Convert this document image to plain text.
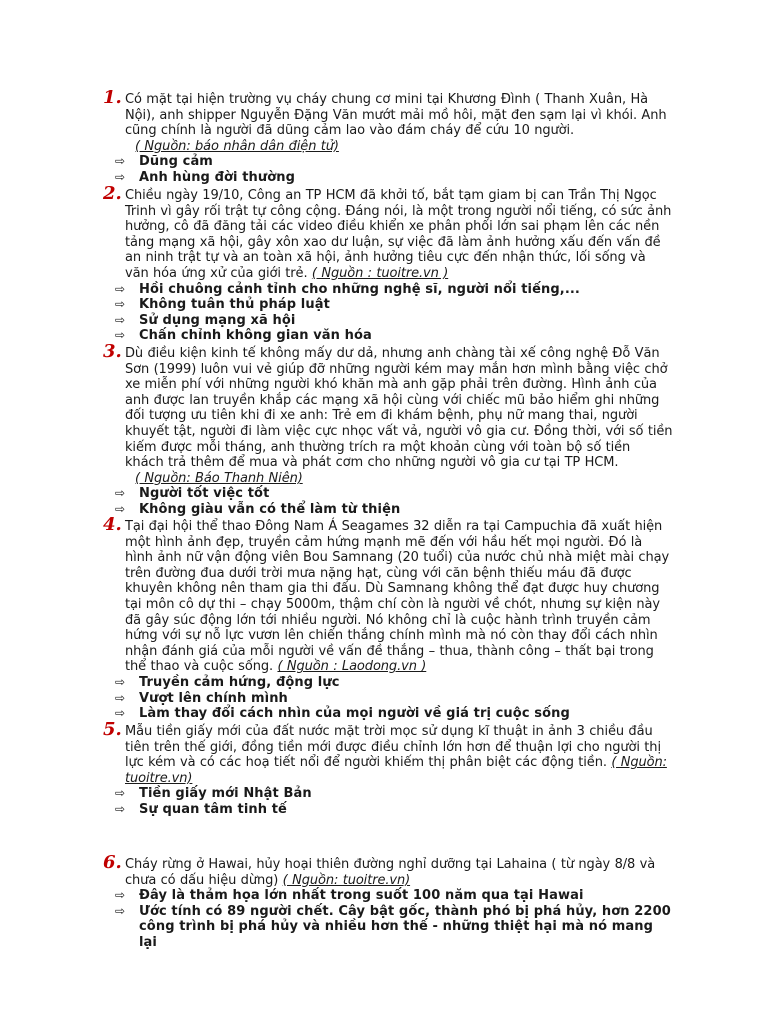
1. Có mặt tại hiện trường vụ cháy chung cơ mini tại Khương Đình ( Thanh Xuân, Hà Nội), anh shipper Nguyễn Đặng Văn mướt mải mồ hôi, mặt đen sạm lại vì khói. Anh cũng chính là người đã dũng cảm lao vào đám cháy để cứu 10 người.
( Nguồn: báo nhân dân điện tử)
⇨ Dũng cảm
⇨ Anh hùng đời thường
2. Chiều ngày 19/10, Công an TP HCM đã khởi tố, bắt tạm giam bị can Trần Thị Ngọc Trinh vì gây rối trật tự công cộng. Đáng nói, là một trong người nổi tiếng, có sức ảnh hưởng, cô đã đăng tải các video điều khiển xe phân phối lớn sai phạm lên các nền tảng mạng xã hội, gây xôn xao dư luận, sự việc đã làm ảnh hưởng xấu đến vấn đề an ninh trật tự và an toàn xã hội, ảnh hưởng tiêu cực đến nhận thức, lối sống và văn hóa ứng xử của giới trẻ. ( Nguồn : tuoitre.vn )
⇨ Hồi chuông cảnh tỉnh cho những nghệ sĩ, người nổi tiếng,...
⇨ Không tuân thủ pháp luật
⇨ Sử dụng mạng xã hội
⇨ Chấn chỉnh không gian văn hóa
3. Dù điều kiện kinh tế không mấy dư dả, nhưng anh chàng tài xế công nghệ Đỗ Văn Sơn (1999) luôn vui vẻ giúp đỡ những người kém may mắn hơn mình bằng việc chở xe miễn phí với những người khó khăn mà anh gặp phải trên đường. Hình ảnh của anh được lan truyền khắp các mạng xã hội cùng với chiếc mũ bảo hiểm ghi những đối tượng ưu tiên khi đi xe anh: Trẻ em đi khám bệnh, phụ nữ mang thai, người khuyết tật, người đi làm việc cực nhọc vất vả, người vô gia cư. Đồng thời, với số tiền kiếm được mỗi tháng, anh thường trích ra một khoản cùng với toàn bộ số tiền khách trả thêm để mua và phát cơm cho những người vô gia cư tại TP HCM.
( Nguồn: Báo Thanh Niên)
⇨ Người tốt việc tốt
⇨ Không giàu vẫn có thể làm từ thiện
4. Tại đại hội thể thao Đông Nam Á Seagames 32 diễn ra tại Campuchia đã xuất hiện một hình ảnh đẹp, truyền cảm hứng mạnh mẽ đến với hầu hết mọi người. Đó là hình ảnh nữ vận động viên Bou Samnang (20 tuổi) của nước chủ nhà miệt mài chạy trên đường đua dưới trời mưa nặng hạt, cùng với căn bệnh thiếu máu đã được khuyên không nên tham gia thi đấu. Dù Samnang không thể đạt được huy chương tại môn cô dự thi – chạy 5000m, thậm chí còn là người về chót, nhưng sự kiện này đã gây súc động lớn tới nhiều người. Nó không chỉ là cuộc hành trình truyền cảm hứng với sự nỗ lực vươn lên chiến thắng chính mình mà nó còn thay đổi cách nhìn nhận đánh giá của mỗi người về vấn đề thắng – thua, thành công – thất bại trong thể thao và cuộc sống. ( Nguồn : Laodong.vn )
⇨ Truyền cảm hứng, động lực
⇨ Vượt lên chính mình
⇨ Làm thay đổi cách nhìn của mọi người về giá trị cuộc sống
5. Mẫu tiền giấy mới của đất nước mặt trời mọc sử dụng kĩ thuật in ảnh 3 chiều đầu tiên trên thế giới, đồng tiền mới được điều chỉnh lớn hơn để thuận lợi cho người thị lực kém và có các hoạ tiết nổi để người khiếm thị phân biệt các động tiền. ( Nguồn: tuoitre.vn)
⇨ Tiền giấy mới Nhật Bản
⇨ Sự quan tâm tinh tế
6. Cháy rừng ở Hawai, hủy hoại thiên đường nghỉ dưỡng tại Lahaina ( từ ngày 8/8 và chưa có dấu hiệu dừng) ( Nguồn: tuoitre.vn)
⇨ Đây là thảm họa lớn nhất trong suốt 100 năm qua tại Hawai
⇨ Ước tính có 89 người chết. Cây bật gốc, thành phó bị phá hủy, hơn 2200 công trình bị phá hủy và nhiều hơn thế - những thiệt hại mà nó mang lại
